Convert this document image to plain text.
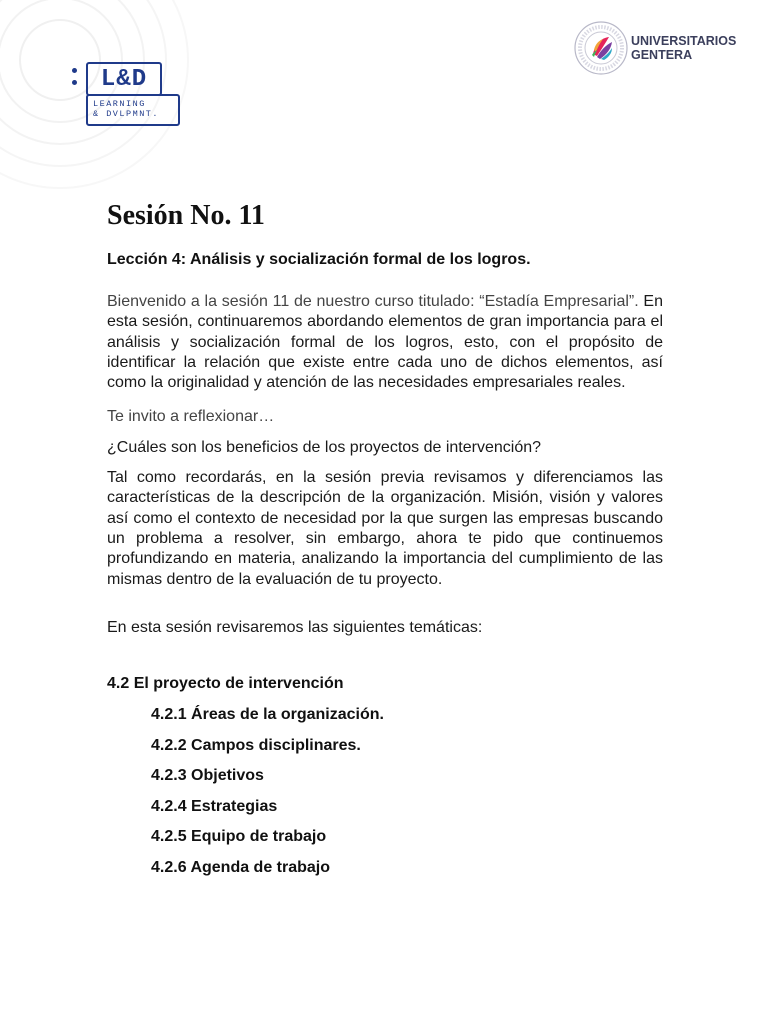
L&D
LEARNING
& DVLPMNT.
UNIVERSITARIOS
GENTERA
Sesión No. 11
Lección 4: Análisis y socialización formal de los logros.

Bienvenido a la sesión 11 de nuestro curso titulado: “Estadía Empresarial”. En esta sesión, continuaremos abordando elementos de gran importancia para el análisis y socialización formal de los logros, esto, con el propósito de identificar la relación que existe entre cada uno de dichos elementos, así como la originalidad y atención de las necesidades empresariales reales.

Te invito a reflexionar…

¿Cuáles son los beneficios de los proyectos de intervención?

Tal como recordarás, en la sesión previa revisamos y diferenciamos las características de la descripción de la organización. Misión, visión y valores así como el contexto de necesidad por la que surgen las empresas buscando un problema a resolver, sin embargo, ahora te pido que continuemos profundizando en materia, analizando la importancia del cumplimiento de las mismas dentro de la evaluación de tu proyecto.

En esta sesión revisaremos las siguientes temáticas:

4.2 El proyecto de intervención
4.2.1 Áreas de la organización.
4.2.2 Campos disciplinares.
4.2.3 Objetivos
4.2.4 Estrategias
4.2.5 Equipo de trabajo
4.2.6 Agenda de trabajo
